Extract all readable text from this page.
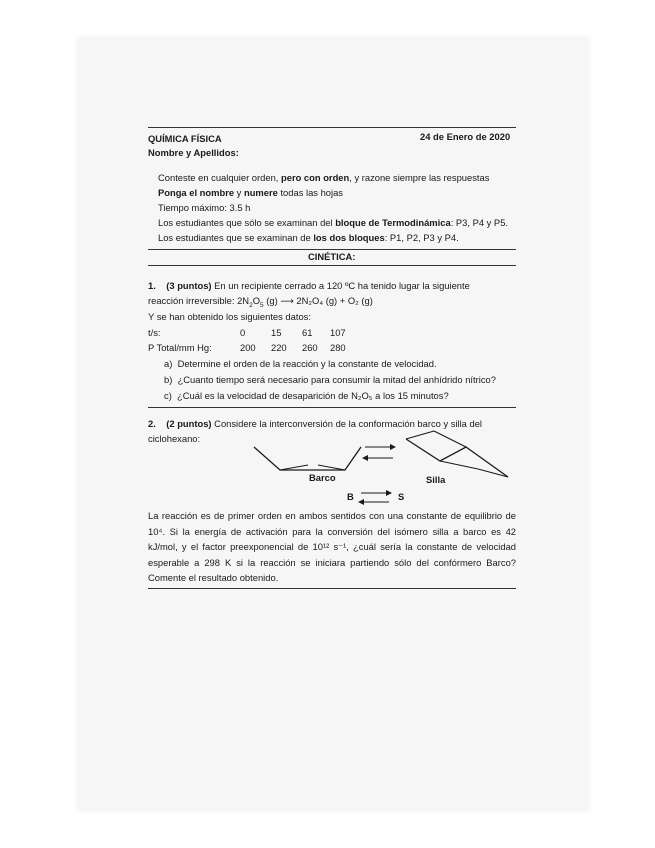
QUÍMICA FÍSICA	24 de Enero de 2020
Nombre y Apellidos:
Conteste en cualquier orden, pero con orden, y razone siempre las respuestas
Ponga el nombre y numere todas las hojas
Tiempo máximo: 3.5 h
Los estudiantes que sólo se examinan del bloque de Termodinámica: P3, P4 y P5.
Los estudiantes que se examinan de los dos bloques: P1, P2, P3 y P4.
CINÉTICA:
1. (3 puntos) En un recipiente cerrado a 120 ºC ha tenido lugar la siguiente
reacción irreversible: $2N_2O_5$ (g) ⟶ 2N₂O₄ (g) + O₂ (g)
Y se han obtenido los siguientes datos:
t/s:	0	15 61 107
P Total/mm Hg:	200 220 260 280
a) Determine el orden de la reacción y la constante de velocidad.
b) ¿Cuanto tiempo será necesario para consumir la mitad del anhídrido nítrico?
c) ¿Cuál es la velocidad de desaparición de N₂O₅ a los 15 minutos?
2. (2 puntos) Considere la interconversión de la conformación barco y silla del
ciclohexano:
Barco	Silla
B	S
La reacción es de primer orden en ambos sentidos con una constante de equilibrio de 10⁴. Si la energía de activación para la conversión del isómero silla a barco es 42 kJ/mol, y el factor preexponencial de 10¹² s⁻¹, ¿cuál sería la constante de velocidad esperable a 298 K si la reacción se iniciara partiendo sólo del confórmero Barco? Comente el resultado obtenido.
